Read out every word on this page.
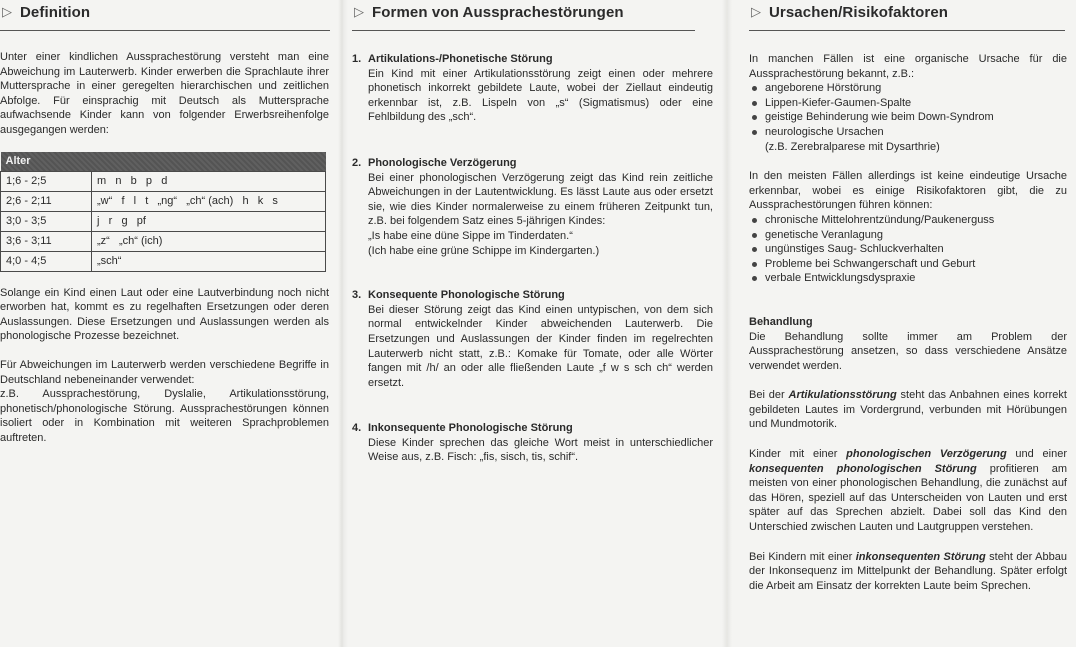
▷ Definition

Unter einer kindlichen Aussprachestörung versteht man eine Abweichung im Lauterwerb. Kinder erwerben die Sprachlaute ihrer Muttersprache in einer geregelten hierarchischen und zeitlichen Abfolge. Für einsprachig mit Deutsch als Muttersprache aufwachsende Kinder kann von folgender Erwerbsreihenfolge ausgegangen werden:

Alter	
1;6 - 2;5	m   n   b   p   d
2;6 - 2;11	„w“   f   l   t   „ng“   „ch“ (ach)   h   k   s
3;0 - 3;5	j   r   g   pf
3;6 - 3;11	„z“   „ch“ (ich)
4;0 - 4;5	„sch“

Solange ein Kind einen Laut oder eine Lautverbindung noch nicht erworben hat, kommt es zu regelhaften Ersetzungen oder deren Auslassungen. Diese Ersetzungen und Auslassungen werden als phonologische Prozesse bezeichnet.

Für Abweichungen im Lauterwerb werden verschiedene Begriffe in Deutschland nebeneinander verwendet:

z.B. Aussprachestörung, Dyslalie, Artikulationsstörung, phonetisch/phonologische Störung. Aussprachestörungen können isoliert oder in Kombination mit weiteren Sprachproblemen auftreten.

▷ Formen von Aussprachestörungen
1. Artikulations-/Phonetische Störung

Ein Kind mit einer Artikulationsstörung zeigt einen oder mehrere phonetisch inkorrekt gebildete Laute, wobei der Ziellaut eindeutig erkennbar ist, z.B. Lispeln von „s“ (Sigmatismus) oder eine Fehlbildung des „sch“.

2. Phonologische Verzögerung

Bei einer phonologischen Verzögerung zeigt das Kind rein zeitliche Abweichungen in der Lautentwicklung. Es lässt Laute aus oder ersetzt sie, wie dies Kinder normalerweise zu einem früheren Zeitpunkt tun, z.B. bei folgendem Satz eines 5-jährigen Kindes:

„Is habe eine düne Sippe im Tinderdaten.“
(Ich habe eine grüne Schippe im Kindergarten.)
3. Konsequente Phonologische Störung

Bei dieser Störung zeigt das Kind einen untypischen, von dem sich normal entwickelnder Kinder abweichenden Lauterwerb. Die Ersetzungen und Auslassungen der Kinder finden im regelrechten Lauterwerb nicht statt, z.B.: Komake für Tomate, oder alle Wörter fangen mit /h/ an oder alle fließenden Laute „f w s sch ch“ werden ersetzt.

4. Inkonsequente Phonologische Störung

Diese Kinder sprechen das gleiche Wort meist in unterschiedlicher Weise aus, z.B. Fisch: „fis, sisch, tis, schif“.

▷ Ursachen/Risikofaktoren

In manchen Fällen ist eine organische Ursache für die Aussprachestörung bekannt, z.B.:

angeborene Hörstörung
Lippen-Kiefer-Gaumen-Spalte
geistige Behinderung wie beim Down-Syndrom
neurologische Ursachen
(z.B. Zerebralparese mit Dysarthrie)

In den meisten Fällen allerdings ist keine eindeutige Ursache erkennbar, wobei es einige Risikofaktoren gibt, die zu Aussprachestörungen führen können:

chronische Mittelohrentzündung/Paukenerguss
genetische Veranlagung
ungünstiges Saug- Schluckverhalten
Probleme bei Schwangerschaft und Geburt
verbale Entwicklungsdyspraxie
Behandlung

Die Behandlung sollte immer am Problem der Aussprachestörung ansetzen, so dass verschiedene Ansätze verwendet werden.

Bei der Artikulationsstörung steht das Anbahnen eines korrekt gebildeten Lautes im Vordergrund, verbunden mit Hörübungen und Mundmotorik.

Kinder mit einer phonologischen Verzögerung und einer konsequenten phonologischen Störung profitieren am meisten von einer phonologischen Behandlung, die zunächst auf das Hören, speziell auf das Unterscheiden von Lauten und erst später auf das Sprechen abzielt. Dabei soll das Kind den Unterschied zwischen Lauten und Lautgruppen verstehen.

Bei Kindern mit einer inkonsequenten Störung steht der Abbau der Inkonsequenz im Mittelpunkt der Behandlung. Später erfolgt die Arbeit am Einsatz der korrekten Laute beim Sprechen.
